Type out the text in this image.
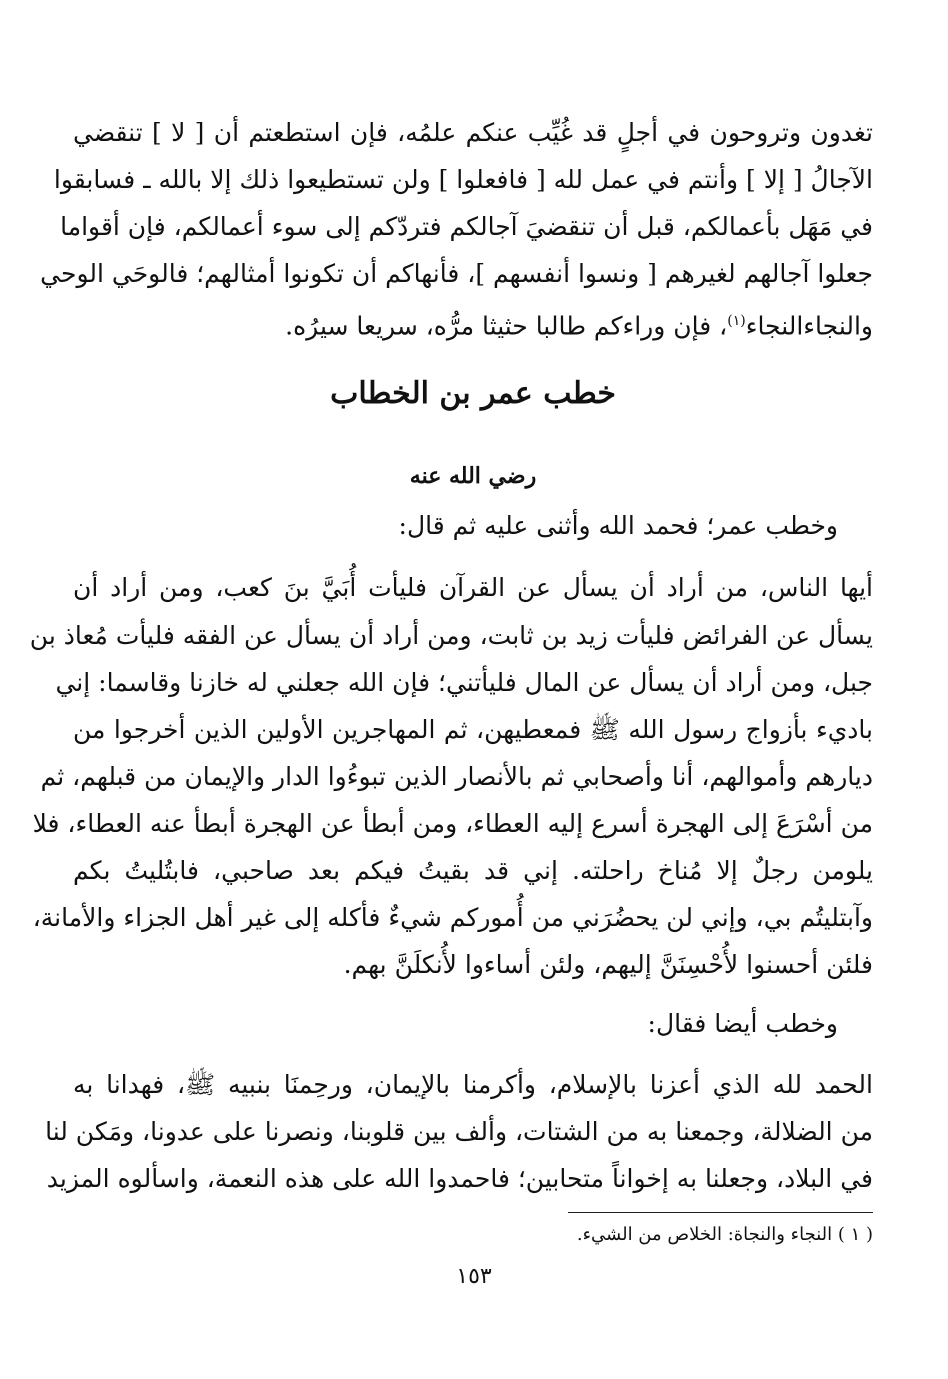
تغدون وتروحون في أجلٍ قد غُيِّب عنكم علمُه، فإن استطعتم أن [ لا ] تنقضي
الآجالُ [ إلا ] وأنتم في عمل لله [ فافعلوا ] ولن تستطيعوا ذلك إلا بالله ـ فسابقوا
في مَهَل بأعمالكم، قبل أن تنقضيَ آجالكم فتردّكم إلى سوء أعمالكم، فإن أقواما
جعلوا آجالهم لغيرهم [ ونسوا أنفسهم ]، فأنهاكم أن تكونوا أمثالهم؛ فالوحَي الوحي
والنجاءالنجاء$^{(١)}$، فإن وراءكم طالبا حثيثا مرُّه، سريعا سيرُه.
خطب عمر بن الخطاب
رضي الله عنه
وخطب عمر؛ فحمد الله وأثنى عليه ثم قال:
أيها الناس، من أراد أن يسأل عن القرآن فليأت أُبَيَّ بنَ كعب، ومن أراد أن
يسأل عن الفرائض فليأت زيد بن ثابت، ومن أراد أن يسأل عن الفقه فليأت مُعاذ بن
جبل، ومن أراد أن يسأل عن المال فليأتني؛ فإن الله جعلني له خازنا وقاسما: إني
باديء بأزواج رسول الله ﷺ فمعطيهن، ثم المهاجرين الأولين الذين أخرجوا من
ديارهم وأموالهم، أنا وأصحابي ثم بالأنصار الذين تبوءُوا الدار والإيمان من قبلهم، ثم
من أسْرَعَ إلى الهجرة أسرع إليه العطاء، ومن أبطأ عن الهجرة أبطأ عنه العطاء، فلا
يلومن رجلٌ إلا مُناخ راحلته. إني قد بقيتُ فيكم بعد صاحبي، فابتُليتُ بكم
وآبتليتُم بي، وإني لن يحضُرَني من أُموركم شيءٌ فأكله إلى غير أهل الجزاء والأمانة،
فلئن أحسنوا لأُحْسِنَنَّ إليهم، ولئن أساءوا لأُنكلَنَّ بهم.
وخطب أيضا فقال:
الحمد لله الذي أعزنا بالإسلام، وأكرمنا بالإيمان، ورحِمنَا بنبيه ﷺ، فهدانا به
من الضلالة، وجمعنا به من الشتات، وألف بين قلوبنا، ونصرنا على عدونا، ومَكن لنا
في البلاد، وجعلنا به إخواناً متحابين؛ فاحمدوا الله على هذه النعمة، واسألوه المزيد
( ١ ) النجاء والنجاة: الخلاص من الشيء.
١٥٣
